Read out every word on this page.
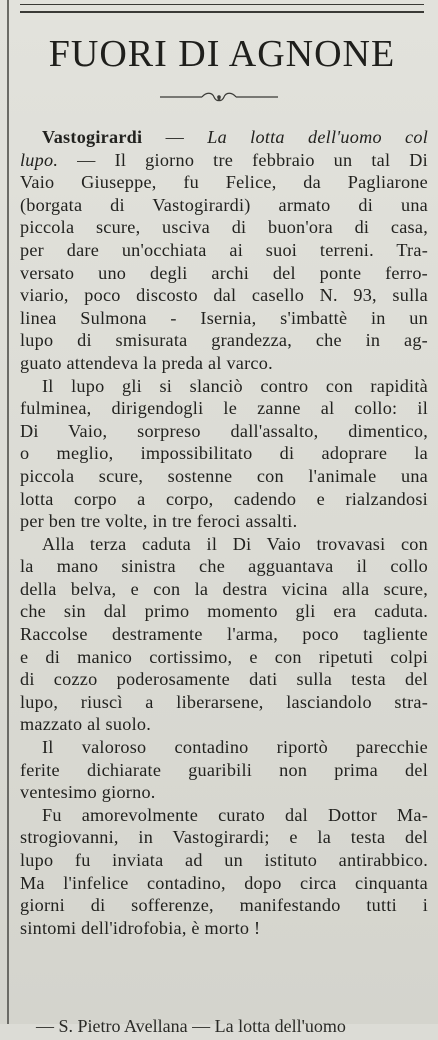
FUORI DI AGNONE
Vastogirardi — La lotta dell'uomo col
lupo. — Il giorno tre febbraio un tal Di
Vaio Giuseppe, fu Felice, da Pagliarone
(borgata di Vastogirardi) armato di una
piccola scure, usciva di buon'ora di casa,
per dare un'occhiata ai suoi terreni. Tra-
versato uno degli archi del ponte ferro-
viario, poco discosto dal casello N. 93, sulla
linea Sulmona - Isernia, s'imbattè in un
lupo di smisurata grandezza, che in ag-
guato attendeva la preda al varco.
Il lupo gli si slanciò contro con rapidità
fulminea, dirigendogli le zanne al collo: il
Di Vaio, sorpreso dall'assalto, dimentico,
o meglio, impossibilitato di adoprare la
piccola scure, sostenne con l'animale una
lotta corpo a corpo, cadendo e rialzandosi
per ben tre volte, in tre feroci assalti.
Alla terza caduta il Di Vaio trovavasi con
la mano sinistra che agguantava il collo
della belva, e con la destra vicina alla scure,
che sin dal primo momento gli era caduta.
Raccolse destramente l'arma, poco tagliente
e di manico cortissimo, e con ripetuti colpi
di cozzo poderosamente dati sulla testa del
lupo, riuscì a liberarsene, lasciandolo stra-
mazzato al suolo.
Il valoroso contadino riportò parecchie
ferite dichiarate guaribili non prima del
ventesimo giorno.
Fu amorevolmente curato dal Dottor Ma-
strogiovanni, in Vastogirardi; e la testa del
lupo fu inviata ad un istituto antirabbico.
Ma l'infelice contadino, dopo circa cinquanta
giorni di sofferenze, manifestando tutti i
sintomi dell'idrofobia, è morto !
— S. Pietro Avellana — La lotta dell'uomo
